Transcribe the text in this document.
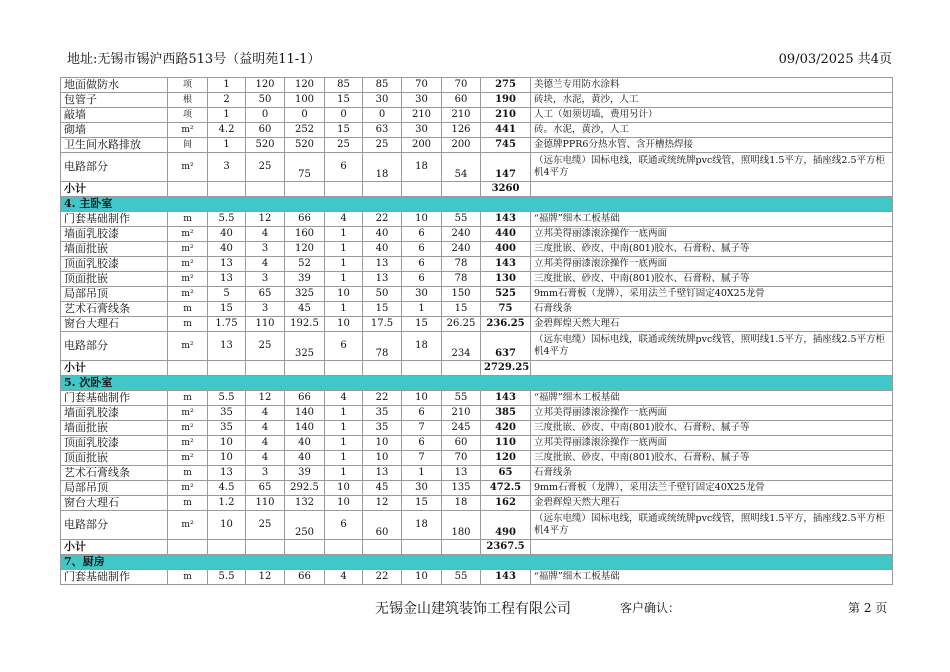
地址:无锡市锡沪西路513号（益明苑11-1）	09/03/2025 共4页
地面做防水	项	1	120	120	85	85	70	70	275	美德兰专用防水涂料
包管子	根	2	50	100	15	30	30	60	190	砖块，水泥，黄沙，人工
敲墙	项	1	0	0	0	0	210	210	210	人工（如须切墙，费用另计）
砌墙	m²	4.2	60	252	15	63	30	126	441	砖。水泥，黄沙，人工
卫生间水路排放	间	1	520	520	25	25	200	200	745	金德牌PPR6分热水管、含开槽热焊接
电路部分	m²	3	25	75	6	18	18	54	147	（远东电缆）国标电线，联通或统统牌pvc线管，照明线1.5平方，插座线2.5平方柜机4平方
小计									3260	
4. 主卧室										
门套基础制作	m	5.5	12	66	4	22	10	55	143	“福牌”细木工板基础
墙面乳胶漆	m²	40	4	160	1	40	6	240	440	立邦美得丽漆滚涂操作一底两面
墙面批嵌	m²	40	3	120	1	40	6	240	400	三度批嵌、砂皮、中南(801)胶水、石膏粉、腻子等
顶面乳胶漆	m²	13	4	52	1	13	6	78	143	立邦美得丽漆滚涂操作一底两面
顶面批嵌	m²	13	3	39	1	13	6	78	130	三度批嵌、砂皮、中南(801)胶水、石膏粉、腻子等
局部吊顶	m²	5	65	325	10	50	30	150	525	9mm石膏板（龙牌），采用法兰千壁钉固定40X25龙骨
艺术石膏线条	m	15	3	45	1	15	1	15	75	石膏线条
窗台大理石	m	1.75	110	192.5	10	17.5	15	26.25	236.25	金碧辉煌天然大理石
电路部分	m²	13	25	325	6	78	18	234	637	（远东电缆）国标电线，联通或统统牌pvc线管，照明线1.5平方，插座线2.5平方柜机4平方
小计									2729.25	
5. 次卧室										
门套基础制作	m	5.5	12	66	4	22	10	55	143	“福牌”细木工板基础
墙面乳胶漆	m²	35	4	140	1	35	6	210	385	立邦美得丽漆滚涂操作一底两面
墙面批嵌	m²	35	4	140	1	35	7	245	420	三度批嵌、砂皮、中南(801)胶水、石膏粉、腻子等
顶面乳胶漆	m²	10	4	40	1	10	6	60	110	立邦美得丽漆滚涂操作一底两面
顶面批嵌	m²	10	4	40	1	10	7	70	120	三度批嵌、砂皮、中南(801)胶水、石膏粉、腻子等
艺术石膏线条	m	13	3	39	1	13	1	13	65	石膏线条
局部吊顶	m²	4.5	65	292.5	10	45	30	135	472.5	9mm石膏板（龙牌），采用法兰千壁钉固定40X25龙骨
窗台大理石	m	1.2	110	132	10	12	15	18	162	金碧辉煌天然大理石
电路部分	m²	10	25	250	6	60	18	180	490	（远东电缆）国标电线，联通或统统牌pvc线管，照明线1.5平方，插座线2.5平方柜机4平方
小计									2367.5	
7、厨房										
门套基础制作	m	5.5	12	66	4	22	10	55	143	“福牌”细木工板基础
无锡金山建筑装饰工程有限公司	客户确认：	第 2 页
